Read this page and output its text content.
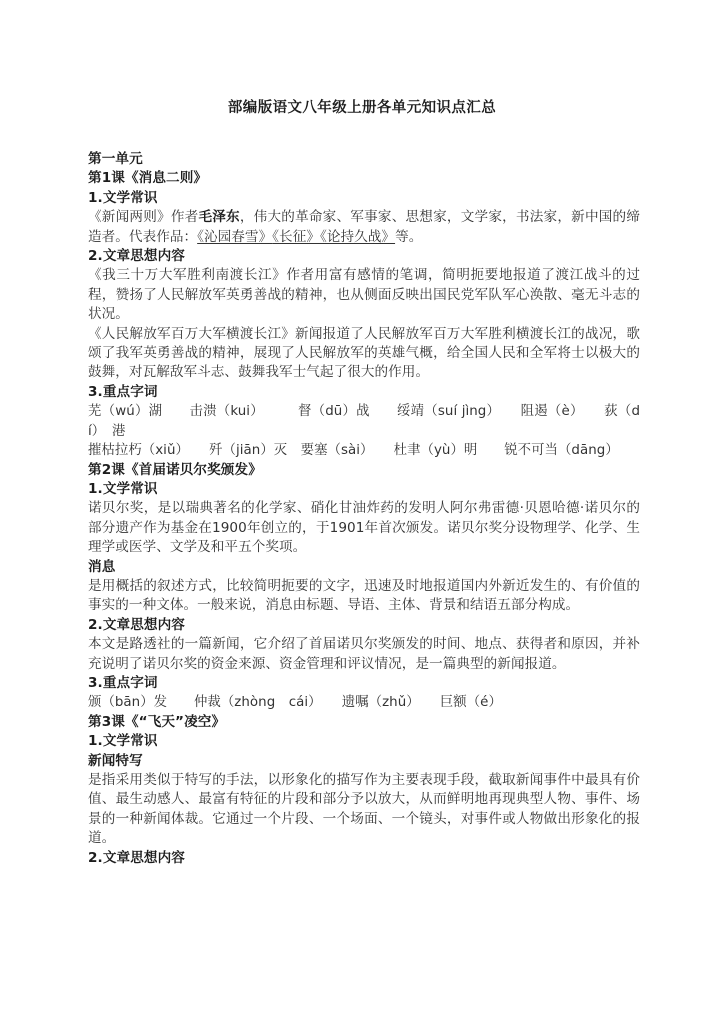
部编版语文八年级上册各单元知识点汇总
第一单元
第1课《消息二则》
1.文学常识
《新闻两则》作者毛泽东，伟大的革命家、军事家、思想家，文学家，书法家，新中国的缔造者。代表作品：《沁园春雪》《长征》《论持久战》等。
2.文章思想内容
《我三十万大军胜利南渡长江》作者用富有感情的笔调，简明扼要地报道了渡江战斗的过程，赞扬了人民解放军英勇善战的精神，也从侧面反映出国民党军队军心涣散、毫无斗志的状况。
《人民解放军百万大军横渡长江》新闻报道了人民解放军百万大军胜利横渡长江的战况，歌颂了我军英勇善战的精神，展现了人民解放军的英雄气概，给全国人民和全军将士以极大的鼓舞，对瓦解敌军斗志、鼓舞我军士气起了很大的作用。
3.重点字词
芜（wú）湖　　击溃（kui）　　　督（dū）战　　绥靖（suí jìng）　　阻遏（è）　　荻（dí）　港
摧枯拉朽（xiǔ）　　歼（jiān）灭　要塞（sài）　　杜聿（yù）明　　锐不可当（dāng）
第2课《首届诺贝尔奖颁发》
1.文学常识
诺贝尔奖，是以瑞典著名的化学家、硝化甘油炸药的发明人阿尔弗雷德·贝恩哈德·诺贝尔的部分遗产作为基金在1900年创立的，于1901年首次颁发。诺贝尔奖分设物理学、化学、生理学或医学、文学及和平五个奖项。
消息
是用概括的叙述方式，比较简明扼要的文字，迅速及时地报道国内外新近发生的、有价值的事实的一种文体。一般来说，消息由标题、导语、主体、背景和结语五部分构成。
2.文章思想内容
本文是路透社的一篇新闻，它介绍了首届诺贝尔奖颁发的时间、地点、获得者和原因，并补充说明了诺贝尔奖的资金来源、资金管理和评议情况，是一篇典型的新闻报道。
3.重点字词
颁（bān）发　　仲裁（zhòng　cái）　　遗嘱（zhǔ）　　巨额（é）
第3课《“飞天”凌空》
1.文学常识
新闻特写
是指采用类似于特写的手法，以形象化的描写作为主要表现手段，截取新闻事件中最具有价值、最生动感人、最富有特征的片段和部分予以放大，从而鲜明地再现典型人物、事件、场景的一种新闻体裁。它通过一个片段、一个场面、一个镜头，对事件或人物做出形象化的报道。
2.文章思想内容
